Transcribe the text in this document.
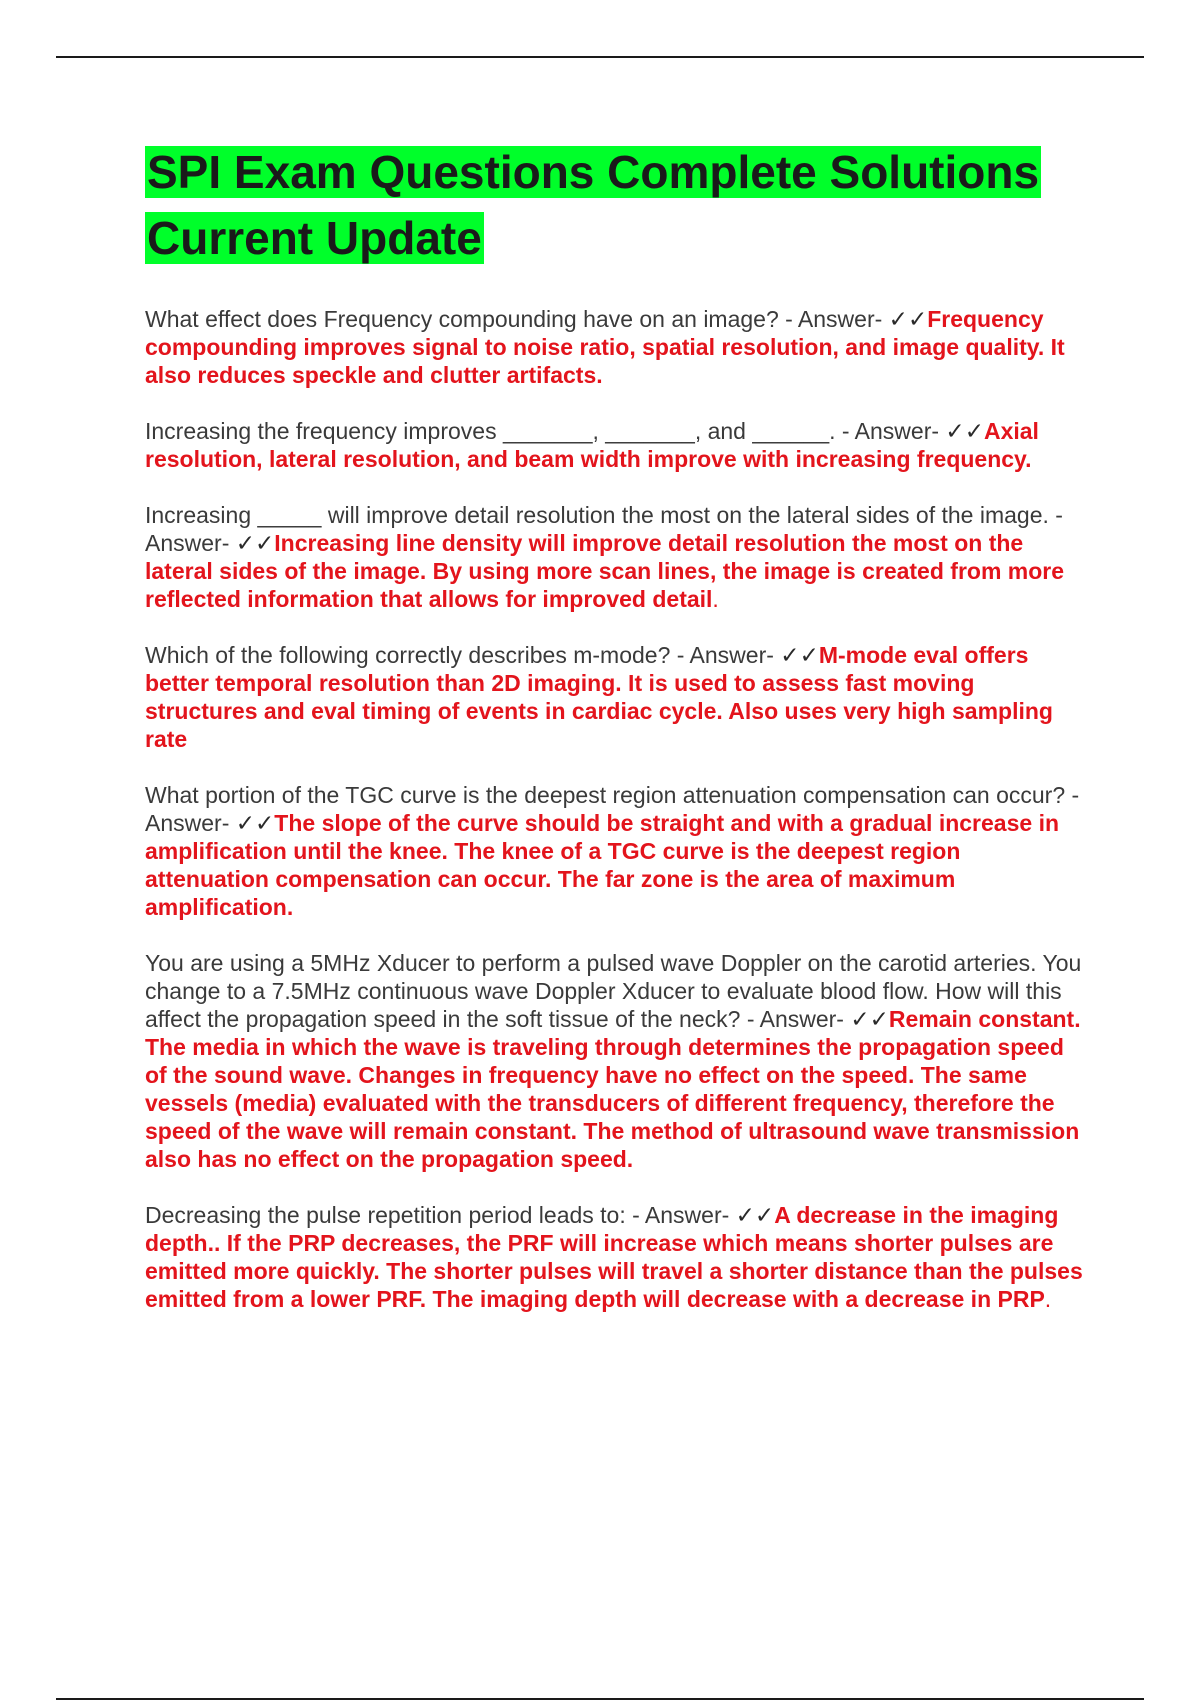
SPI Exam Questions Complete Solutions Current Update
What effect does Frequency compounding have on an image? - Answer- ✓✓Frequency compounding improves signal to noise ratio, spatial resolution, and image quality. It also reduces speckle and clutter artifacts.
Increasing the frequency improves _______, _______, and ______. - Answer- ✓✓Axial resolution, lateral resolution, and beam width improve with increasing frequency.
Increasing _____ will improve detail resolution the most on the lateral sides of the image. - Answer- ✓✓Increasing line density will improve detail resolution the most on the lateral sides of the image. By using more scan lines, the image is created from more reflected information that allows for improved detail.
Which of the following correctly describes m-mode? - Answer- ✓✓M-mode eval offers better temporal resolution than 2D imaging. It is used to assess fast moving structures and eval timing of events in cardiac cycle. Also uses very high sampling rate
What portion of the TGC curve is the deepest region attenuation compensation can occur? - Answer- ✓✓The slope of the curve should be straight and with a gradual increase in amplification until the knee. The knee of a TGC curve is the deepest region attenuation compensation can occur. The far zone is the area of maximum amplification.
You are using a 5MHz Xducer to perform a pulsed wave Doppler on the carotid arteries. You change to a 7.5MHz continuous wave Doppler Xducer to evaluate blood flow. How will this affect the propagation speed in the soft tissue of the neck? - Answer- ✓✓Remain constant. The media in which the wave is traveling through determines the propagation speed of the sound wave. Changes in frequency have no effect on the speed. The same vessels (media) evaluated with the transducers of different frequency, therefore the speed of the wave will remain constant. The method of ultrasound wave transmission also has no effect on the propagation speed.
Decreasing the pulse repetition period leads to: - Answer- ✓✓A decrease in the imaging depth.. If the PRP decreases, the PRF will increase which means shorter pulses are emitted more quickly. The shorter pulses will travel a shorter distance than the pulses emitted from a lower PRF. The imaging depth will decrease with a decrease in PRP.
